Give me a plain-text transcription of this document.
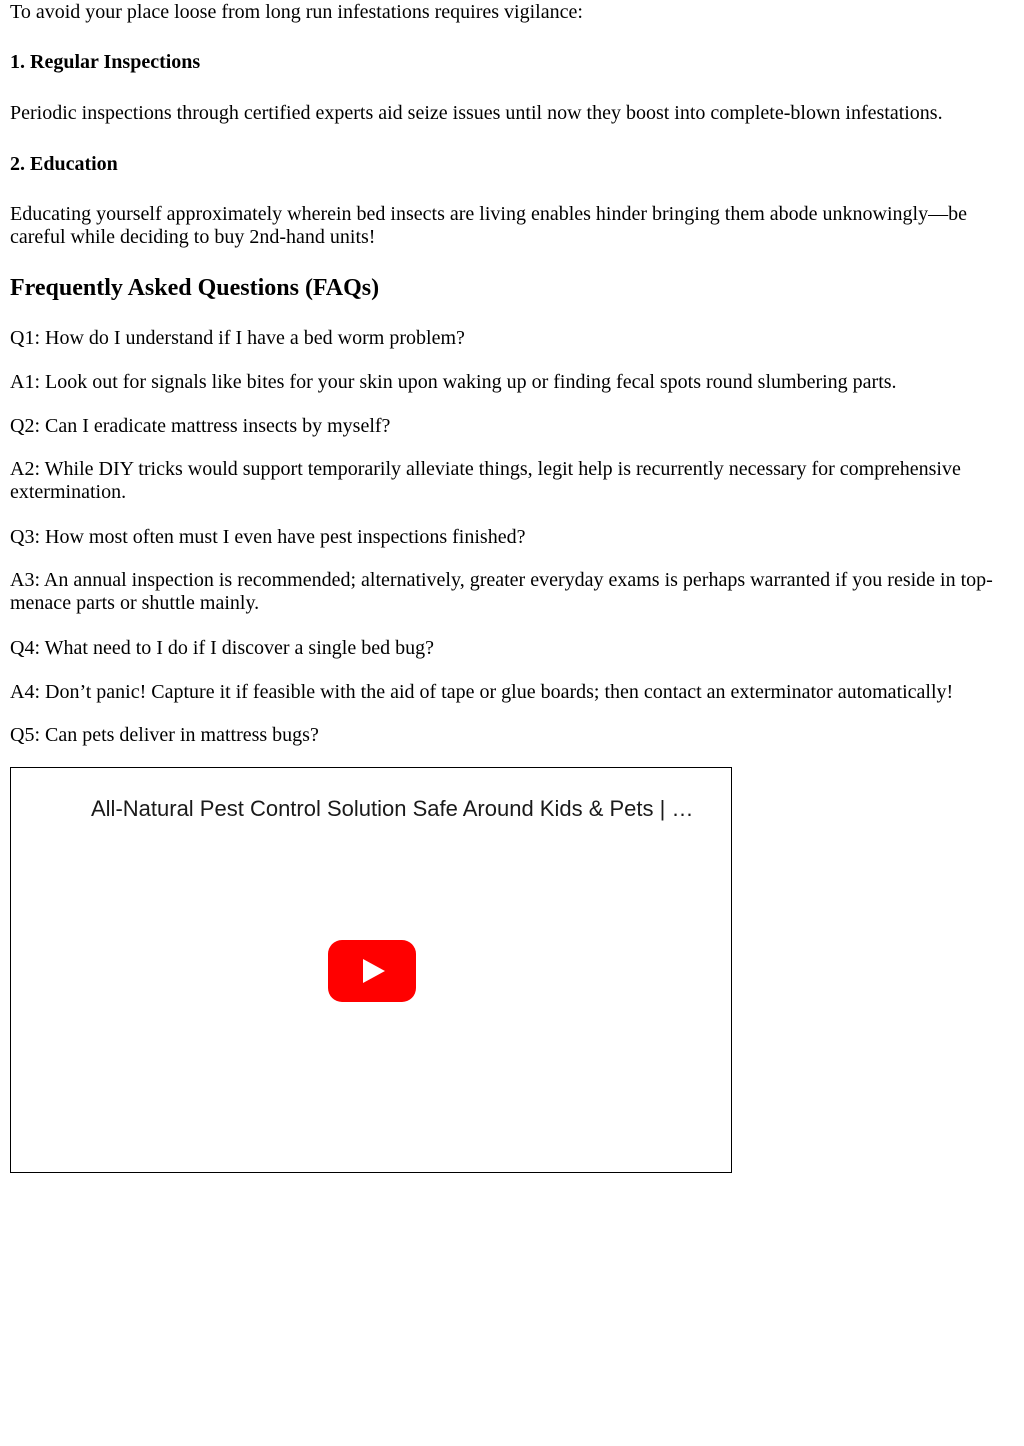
To avoid your place loose from long run infestations requires vigilance:

1. Regular Inspections

Periodic inspections through certified experts aid seize issues until now they boost into complete-blown infestations.

2. Education

Educating yourself approximately wherein bed insects are living enables hinder bringing them abode unknowingly—be careful while deciding to buy 2nd-hand units!

Frequently Asked Questions (FAQs)

Q1: How do I understand if I have a bed worm problem?

A1: Look out for signals like bites for your skin upon waking up or finding fecal spots round slumbering parts.

Q2: Can I eradicate mattress insects by myself?

A2: While DIY tricks would support temporarily alleviate things, legit help is recurrently necessary for comprehensive extermination.

Q3: How most often must I even have pest inspections finished?

A3: An annual inspection is recommended; alternatively, greater everyday exams is perhaps warranted if you reside in top-menace parts or shuttle mainly.

Q4: What need to I do if I discover a single bed bug?

A4: Don’t panic! Capture it if feasible with the aid of tape or glue boards; then contact an exterminator automatically!

Q5: Can pets deliver in mattress bugs?

All-Natural Pest Control Solution Safe Around Kids & Pets | …
